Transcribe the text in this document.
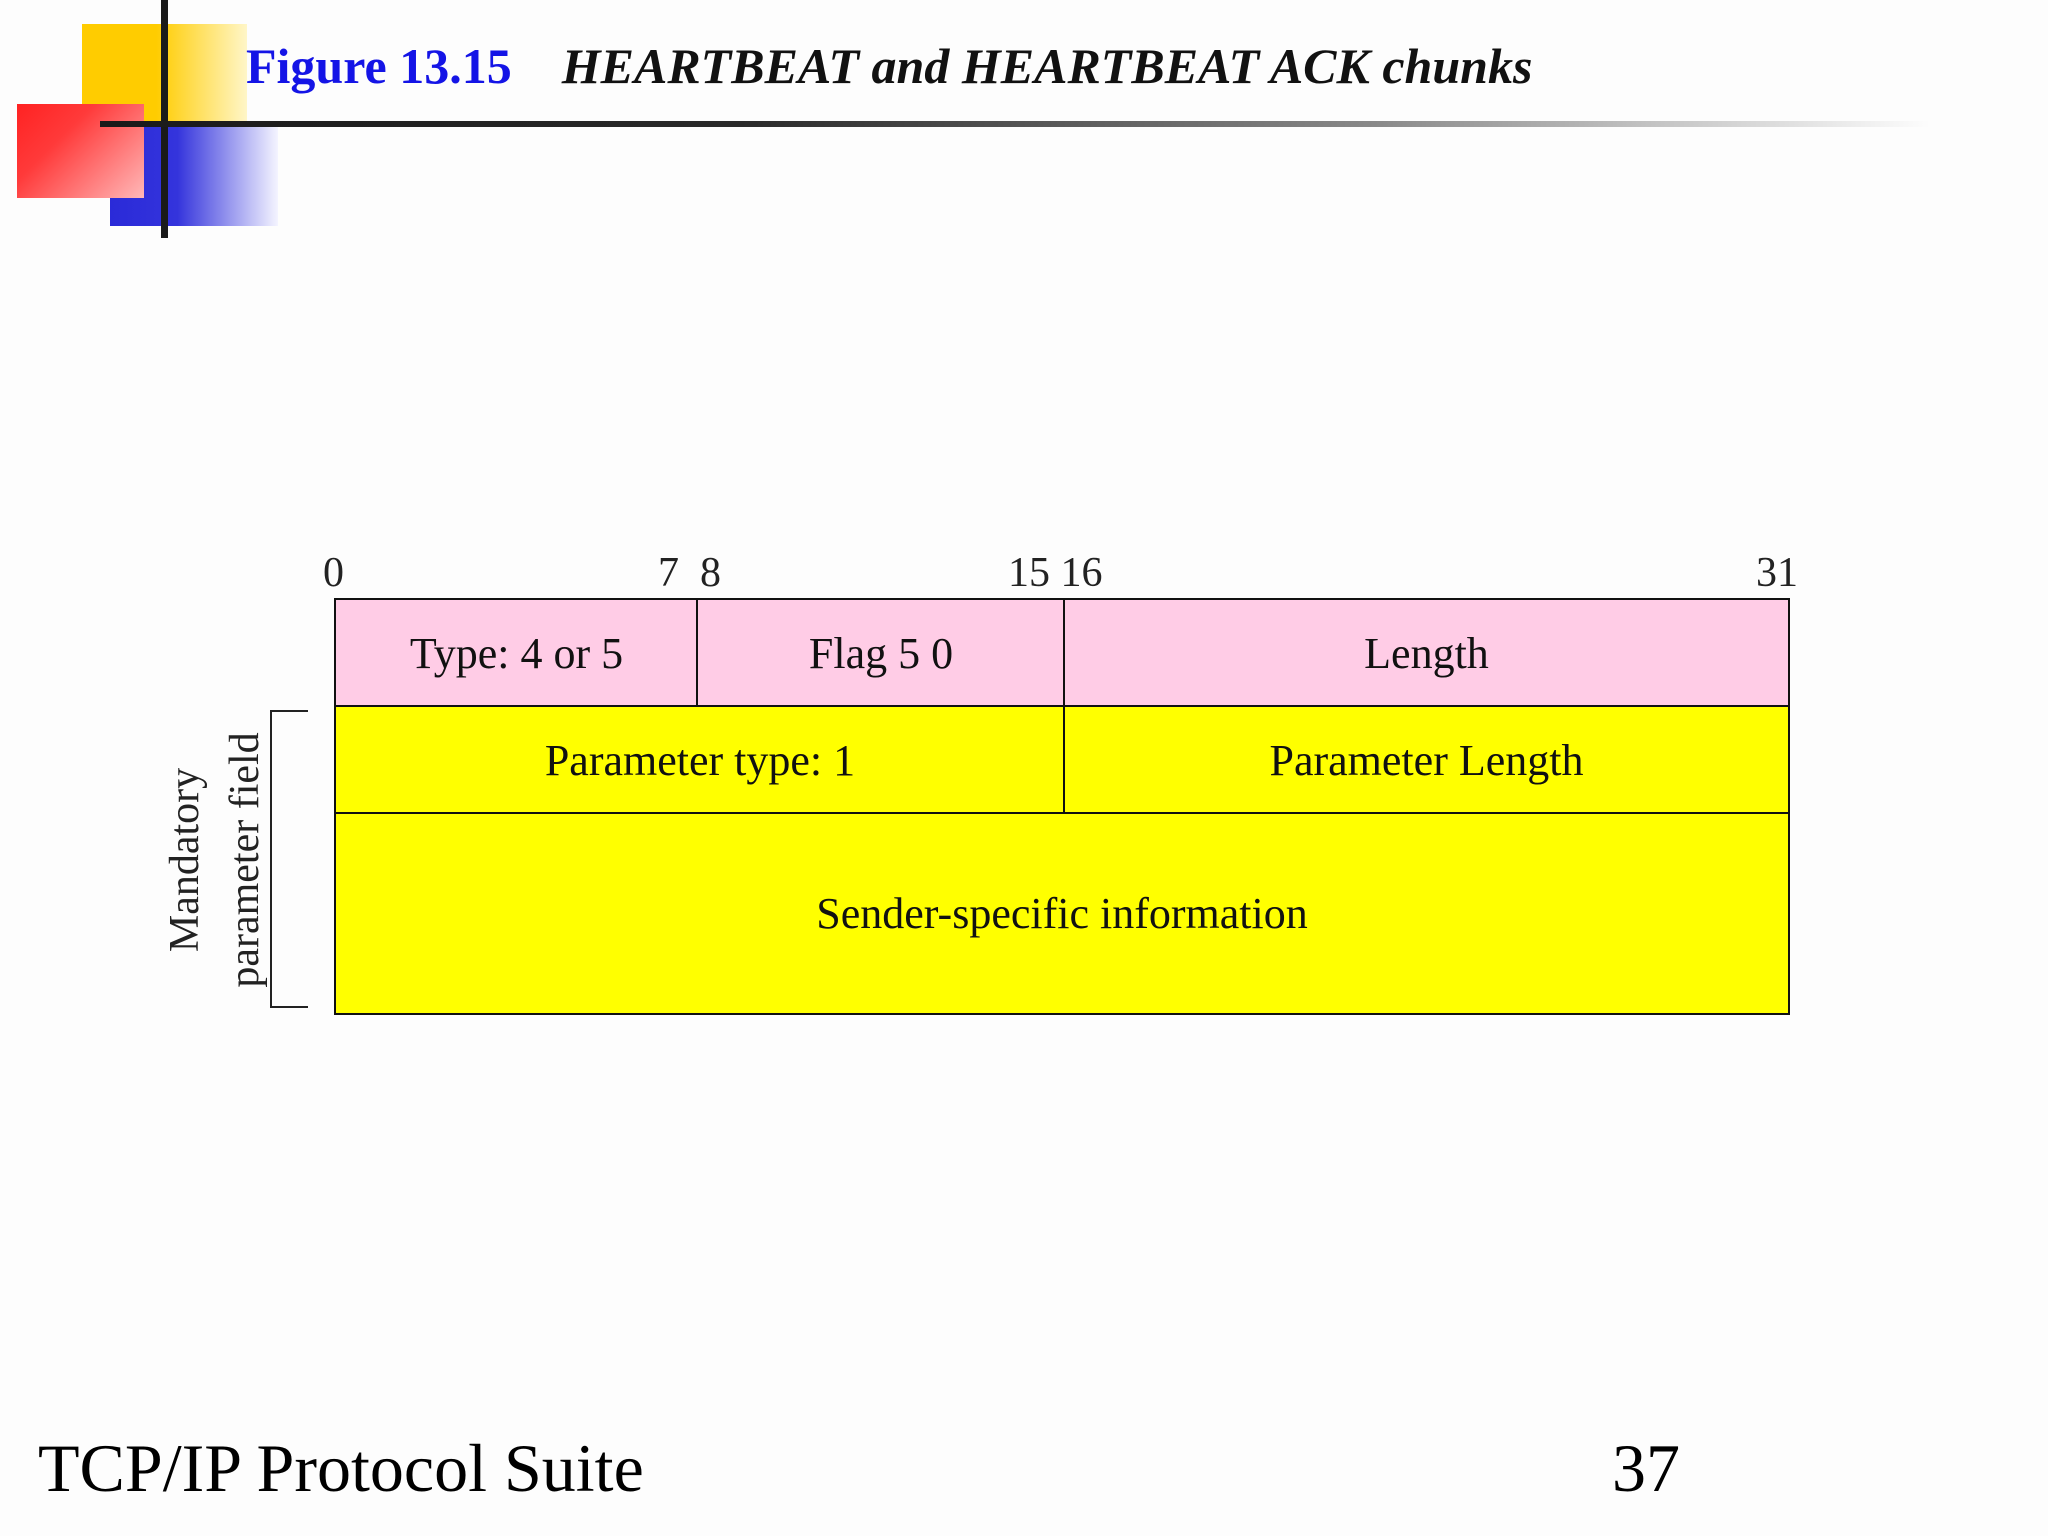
Figure 13.15 HEARTBEAT and HEARTBEAT ACK chunks
0	7  8	15 16	31
Type: 4 or 5	Flag 5 0	Length
Parameter type: 1	Parameter Length
Sender-specific information
Mandatory parameter field
TCP/IP Protocol Suite	37
